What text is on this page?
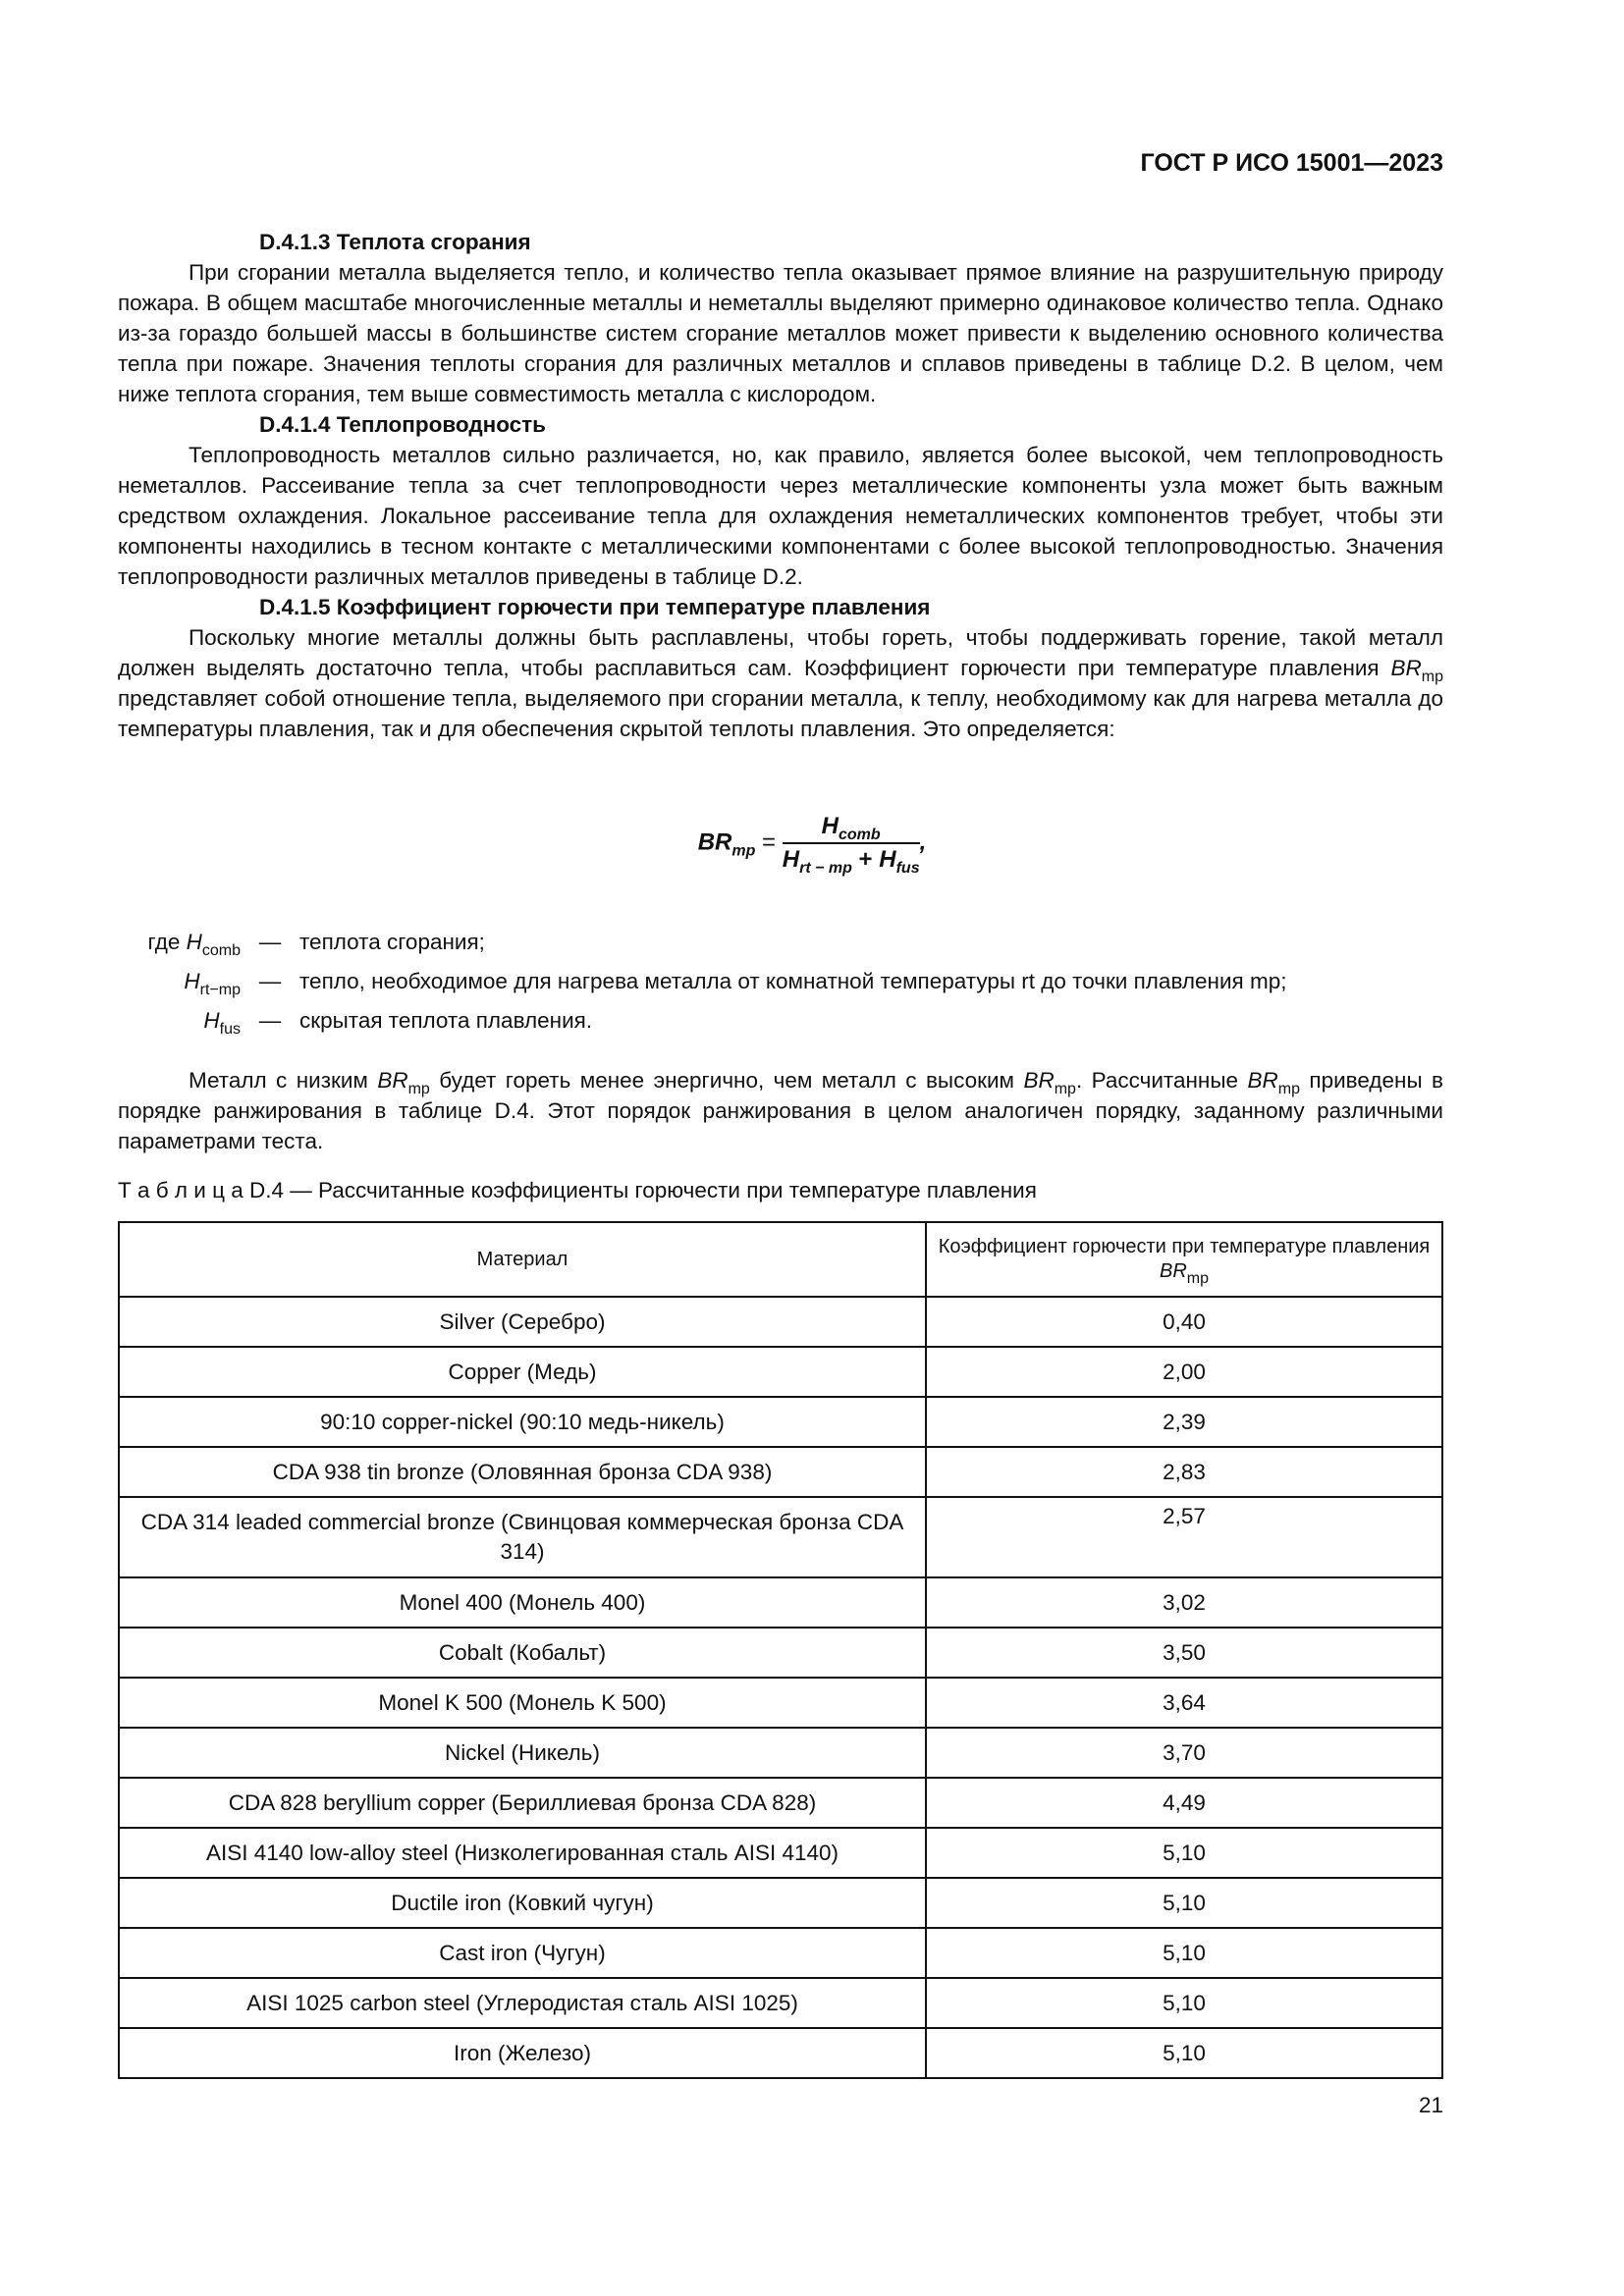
ГОСТ Р ИСО 15001—2023

D.4.1.3 Теплота сгорания

При сгорании металла выделяется тепло, и количество тепла оказывает прямое влияние на разрушительную природу пожара. В общем масштабе многочисленные металлы и неметаллы выделяют примерно одинаковое количество тепла. Однако из-за гораздо большей массы в большинстве систем сгорание металлов может привести к выделению основного количества тепла при пожаре. Значения теплоты сгорания для различных металлов и сплавов приведены в таблице D.2. В целом, чем ниже теплота сгорания, тем выше совместимость металла с кислородом.

D.4.1.4 Теплопроводность

Теплопроводность металлов сильно различается, но, как правило, является более высокой, чем теплопроводность неметаллов. Рассеивание тепла за счет теплопроводности через металлические компоненты узла может быть важным средством охлаждения. Локальное рассеивание тепла для охлаждения неметаллических компонентов требует, чтобы эти компоненты находились в тесном контакте с металлическими компонентами с более высокой теплопроводностью. Значения теплопроводности различных металлов приведены в таблице D.2.

D.4.1.5 Коэффициент горючести при температуре плавления

Поскольку многие металлы должны быть расплавлены, чтобы гореть, чтобы поддерживать горение, такой металл должен выделять достаточно тепла, чтобы расплавиться сам. Коэффициент горючести при температуре плавления $BR_{mp}$ представляет собой отношение тепла, выделяемого при сгорании металла, к теплу, необходимому как для нагрева металла до температуры плавления, так и для обеспечения скрытой теплоты плавления. Это определяется:

$BR_{mp} = \frac{H_{comb}}{H_{rt - mp} + H_{fus}}$ ,
где $H_{comb}$ — теплота сгорания;
$H_{rt-mp}$ — тепло, необходимое для нагрева металла от комнатной температуры rt до точки плавления mp;
$H_{fus}$ — скрытая теплота плавления.

Металл с низким $BR_{mp}$ будет гореть менее энергично, чем металл с высоким $BR_{mp}$. Рассчитанные $BR_{mp}$ приведены в порядке ранжирования в таблице D.4. Этот порядок ранжирования в целом аналогичен порядку, заданному различными параметрами теста.

Т а б л и ц а D.4 — Рассчитанные коэффициенты горючести при температуре плавления
Материал	Коэффициент горючести при температуре плавления $BR_{mp}$
Silver (Серебро)	0,40
Copper (Медь)	2,00
90:10 copper-nickel (90:10 медь-никель)	2,39
CDA 938 tin bronze (Оловянная бронза CDA 938)	2,83
CDA 314 leaded commercial bronze (Свинцовая коммерческая бронза CDA 314)	2,57
Monel 400 (Монель 400)	3,02
Cobalt (Кобальт)	3,50
Monel K 500 (Монель K 500)	3,64
Nickel (Никель)	3,70
CDA 828 beryllium copper (Бериллиевая бронза CDA 828)	4,49
AISI 4140 low-alloy steel (Низколегированная сталь AISI 4140)	5,10
Ductile iron (Ковкий чугун)	5,10
Cast iron (Чугун)	5,10
AISI 1025 carbon steel (Углеродистая сталь AISI 1025)	5,10
Iron (Железо)	5,10
21
